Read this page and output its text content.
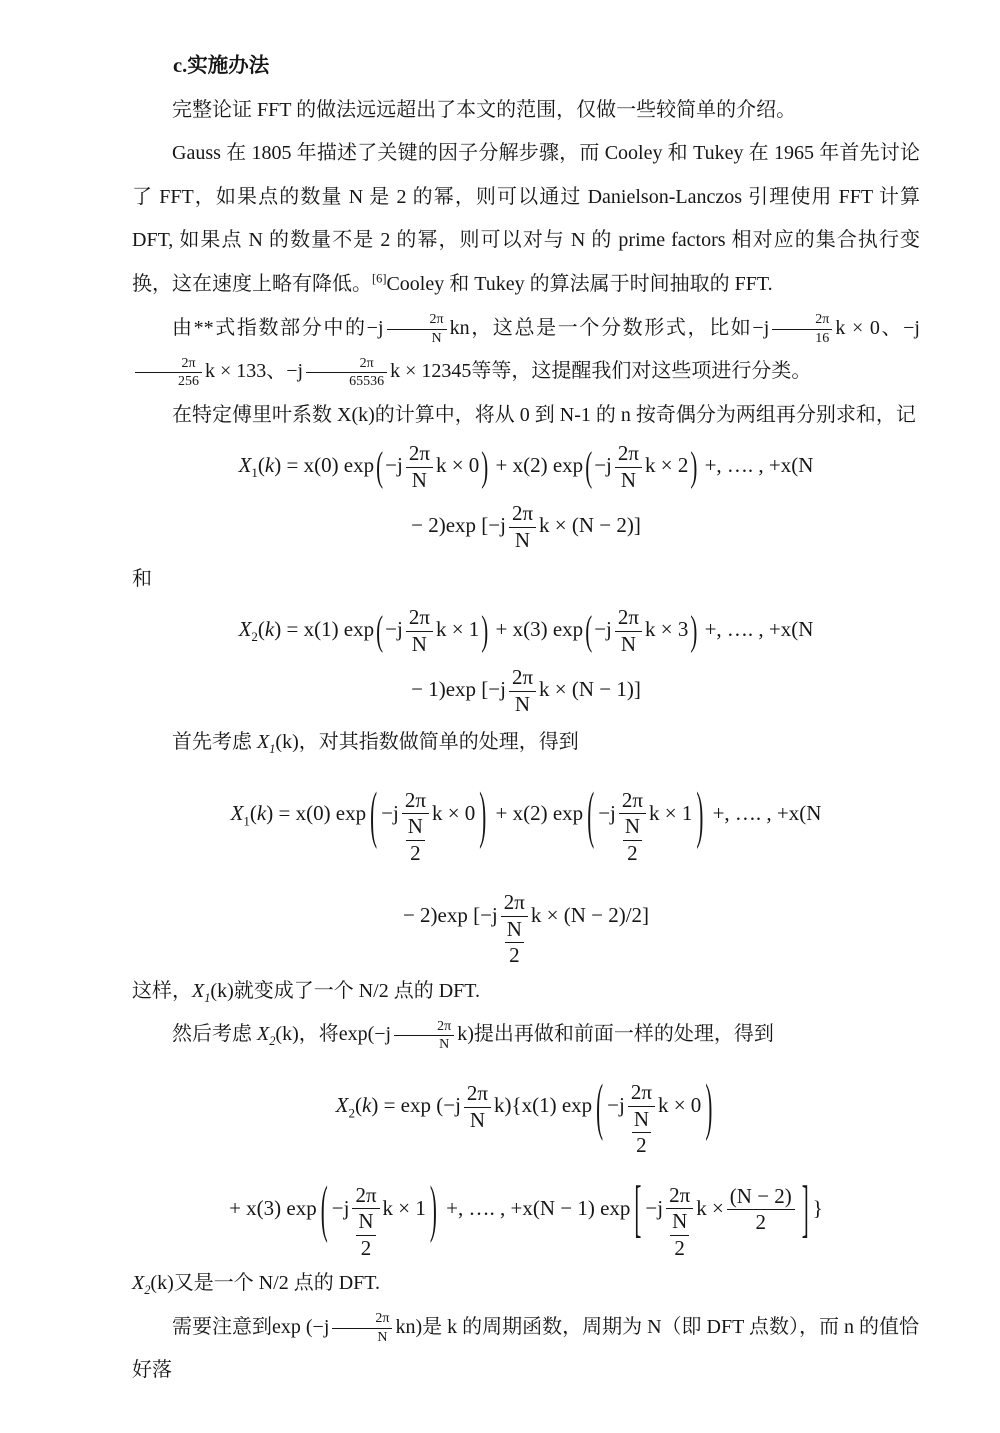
c.实施办法

完整论证 FFT 的做法远远超出了本文的范围，仅做一些较简单的介绍。

Gauss 在 1805 年描述了关键的因子分解步骤，而 Cooley 和 Tukey 在 1965 年首先讨论了 FFT，如果点的数量 N 是 2 的幂，则可以通过 Danielson-Lanczos 引理使用 FFT 计算 DFT, 如果点 N 的数量不是 2 的幂，则可以对与 N 的 prime factors 相对应的集合执行变换，这在速度上略有降低。[6]Cooley 和 Tukey 的算法属于时间抽取的 FFT.

由**式指数部分中的$-j \frac{2\pi}{N}$ kn，这总是一个分数形式，比如$-j \frac{2\pi}{16}$ k × 0、−j
$\frac{2\pi}{256}$ k × 133、$-j \frac{2\pi}{65536}$ k × 12345等等，这提醒我们对这些项进行分类。

在特定傅里叶系数 X(k)的计算中，将从 0 到 N-1 的 n 按奇偶分为两组再分别求和，记

$X_1(k) = x(0)$ $\exp(-j \frac{2\pi}{N}$ k × 0) + x(2) $\exp(-j \frac{2\pi}{N}$ k × 2) +, …. , +x(N
− 2)exp [$-j \frac{2\pi}{N}$ k × (N − 2)]

和

$X_2(k) = x(1)$ $\exp(-j \frac{2\pi}{N}$ k × 1) + x(3) $\exp(-j \frac{2\pi}{N}$ k × 3) +, …. , +x(N
− 1)exp [$-j \frac{2\pi}{N}$ k × (N − 1)]

首先考虑 $X_1(k)$，对其指数做简单的处理，得到

$X_1(k) = x(0)$ exp ( $-j \frac{2\pi}{\frac{N}{2}}$ k × 0 ) + x(2) exp ( $-j \frac{2\pi}{\frac{N}{2}}$ k × 1 ) +, …. , +x(N
− 2)exp [$-j \frac{2\pi}{\frac{N}{2}}$ k × (N − 2)/2]

这样，$X_1(k)$就变成了一个 N/2 点的 DFT.

然后考虑 $X_2(k)$，将$\exp(-j \frac{2\pi}{N} k)$提出再做和前面一样的处理，得到

$X_2(k) = \exp (-j \frac{2\pi}{N} k)\{x(1)$ exp ( $-j \frac{2\pi}{\frac{N}{2}}$ k × 0 )
+ x(3) exp ( $-j \frac{2\pi}{\frac{N}{2}}$ k × 1 ) +, …. , +x(N − 1) exp [ $-j \frac{2\pi}{\frac{N}{2}}$ $k \times \frac{(N - 2)}{2}$ ] }

$X_2(k)$又是一个 N/2 点的 DFT.

需要注意到$\exp (-j \frac{2\pi}{N} kn)$是 k 的周期函数，周期为 N（即 DFT 点数），而 n 的值恰好落
